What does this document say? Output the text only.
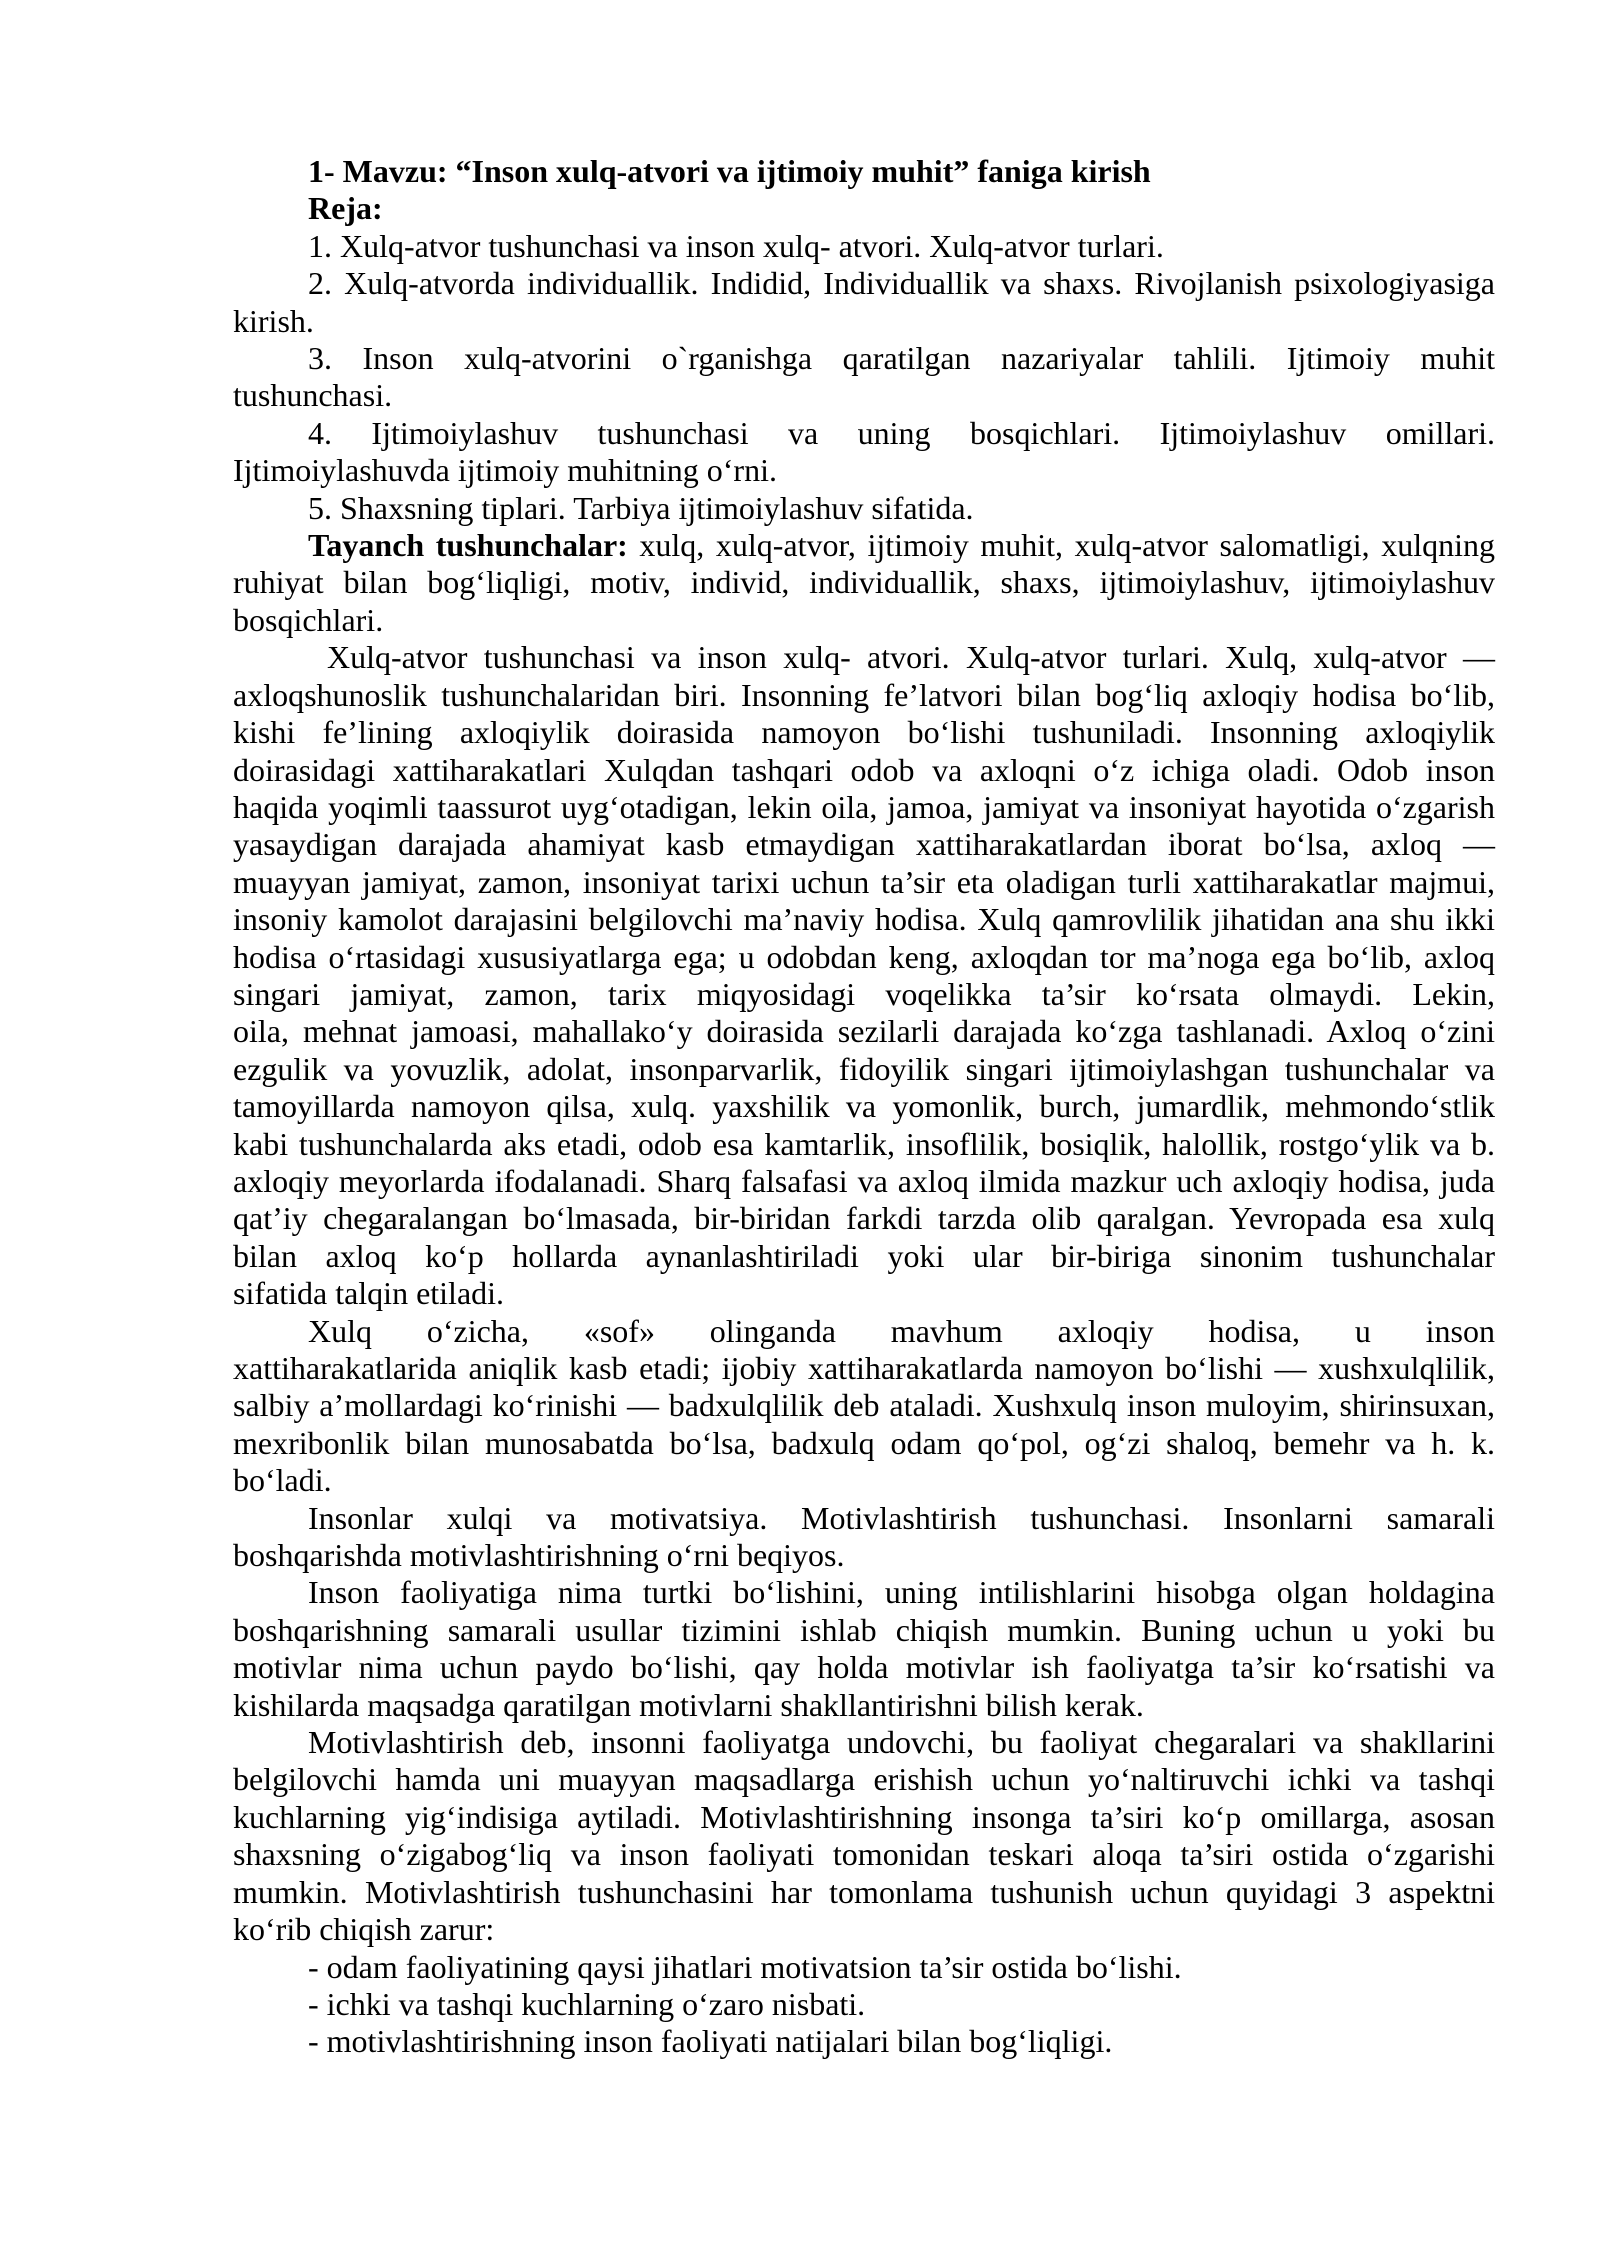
1- Mavzu: “Inson xulq-atvori va ijtimoiy muhit” faniga kirish
Reja:
1. Xulq-atvor tushunchasi va inson xulq- atvori. Xulq-atvor turlari.
2. Xulq-atvorda individuallik. Indidid, Individuallik va shaxs. Rivojlanish psixologiyasiga
kirish.
3. Inson xulq-atvorini o`rganishga qaratilgan nazariyalar tahlili. Ijtimoiy muhit
tushunchasi.
4. Ijtimoiylashuv tushunchasi va uning bosqichlari. Ijtimoiylashuv omillari.
Ijtimoiylashuvda ijtimoiy muhitning o‘rni.
5. Shaxsning tiplari. Tarbiya ijtimoiylashuv sifatida.
Tayanch tushunchalar: xulq, xulq-atvor, ijtimoiy muhit, xulq-atvor salomatligi, xulqning
ruhiyat bilan bog‘liqligi, motiv, individ, individuallik, shaxs, ijtimoiylashuv, ijtimoiylashuv
bosqichlari.
Xulq-atvor tushunchasi va inson xulq- atvori. Xulq-atvor turlari. Xulq, xulq-atvor —
axloqshunoslik tushunchalaridan biri. Insonning fe’latvori bilan bog‘liq axloqiy hodisa bo‘lib,
kishi fe’lining axloqiylik doirasida namoyon bo‘lishi tushuniladi. Insonning axloqiylik
doirasidagi xattiharakatlari Xulqdan tashqari odob va axloqni o‘z ichiga oladi. Odob inson
haqida yoqimli taassurot uyg‘otadigan, lekin oila, jamoa, jamiyat va insoniyat hayotida o‘zgarish
yasaydigan darajada ahamiyat kasb etmaydigan xattiharakatlardan iborat bo‘lsa, axloq —
muayyan jamiyat, zamon, insoniyat tarixi uchun ta’sir eta oladigan turli xattiharakatlar majmui,
insoniy kamolot darajasini belgilovchi ma’naviy hodisa. Xulq qamrovlilik jihatidan ana shu ikki
hodisa o‘rtasidagi xususiyatlarga ega; u odobdan keng, axloqdan tor ma’noga ega bo‘lib, axloq
singari jamiyat, zamon, tarix miqyosidagi voqelikka ta’sir ko‘rsata olmaydi. Lekin,
oila, mehnat jamoasi, mahallako‘y doirasida sezilarli darajada ko‘zga tashlanadi. Axloq o‘zini
ezgulik va yovuzlik, adolat, insonparvarlik, fidoyilik singari ijtimoiylashgan tushunchalar va
tamoyillarda namoyon qilsa, xulq. yaxshilik va yomonlik, burch, jumardlik, mehmondo‘stlik
kabi tushunchalarda aks etadi, odob esa kamtarlik, insoflilik, bosiqlik, halollik, rostgo‘ylik va b.
axloqiy meyorlarda ifodalanadi. Sharq falsafasi va axloq ilmida mazkur uch axloqiy hodisa, juda
qat’iy chegaralangan bo‘lmasada, bir-biridan farkdi tarzda olib qaralgan. Yevropada esa xulq
bilan axloq ko‘p hollarda aynanlashtiriladi yoki ular bir-biriga sinonim tushunchalar
sifatida talqin etiladi.
Xulq o‘zicha, «sof» olinganda mavhum axloqiy hodisa, u inson
xattiharakatlarida aniqlik kasb etadi; ijobiy xattiharakatlarda namoyon bo‘lishi — xushxulqlilik,
salbiy a’mollardagi ko‘rinishi — badxulqlilik deb ataladi. Xushxulq inson muloyim, shirinsuxan,
mexribonlik bilan munosabatda bo‘lsa, badxulq odam qo‘pol, og‘zi shaloq, bemehr va h. k.
bo‘ladi.
Insonlar xulqi va motivatsiya. Motivlashtirish tushunchasi. Insonlarni samarali
boshqarishda motivlashtirishning o‘rni beqiyos.
Inson faoliyatiga nima turtki bo‘lishini, uning intilishlarini hisobga olgan holdagina
boshqarishning samarali usullar tizimini ishlab chiqish mumkin. Buning uchun u yoki bu
motivlar nima uchun paydo bo‘lishi, qay holda motivlar ish faoliyatga ta’sir ko‘rsatishi va
kishilarda maqsadga qaratilgan motivlarni shakllantirishni bilish kerak.
Motivlashtirish deb, insonni faoliyatga undovchi, bu faoliyat chegaralari va shakllarini
belgilovchi hamda uni muayyan maqsadlarga erishish uchun yo‘naltiruvchi ichki va tashqi
kuchlarning yig‘indisiga aytiladi. Motivlashtirishning insonga ta’siri ko‘p omillarga, asosan
shaxsning o‘zigabog‘liq va inson faoliyati tomonidan teskari aloqa ta’siri ostida o‘zgarishi
mumkin. Motivlashtirish tushunchasini har tomonlama tushunish uchun quyidagi 3 aspektni
ko‘rib chiqish zarur:
- odam faoliyatining qaysi jihatlari motivatsion ta’sir ostida bo‘lishi.
- ichki va tashqi kuchlarning o‘zaro nisbati.
- motivlashtirishning inson faoliyati natijalari bilan bog‘liqligi.
